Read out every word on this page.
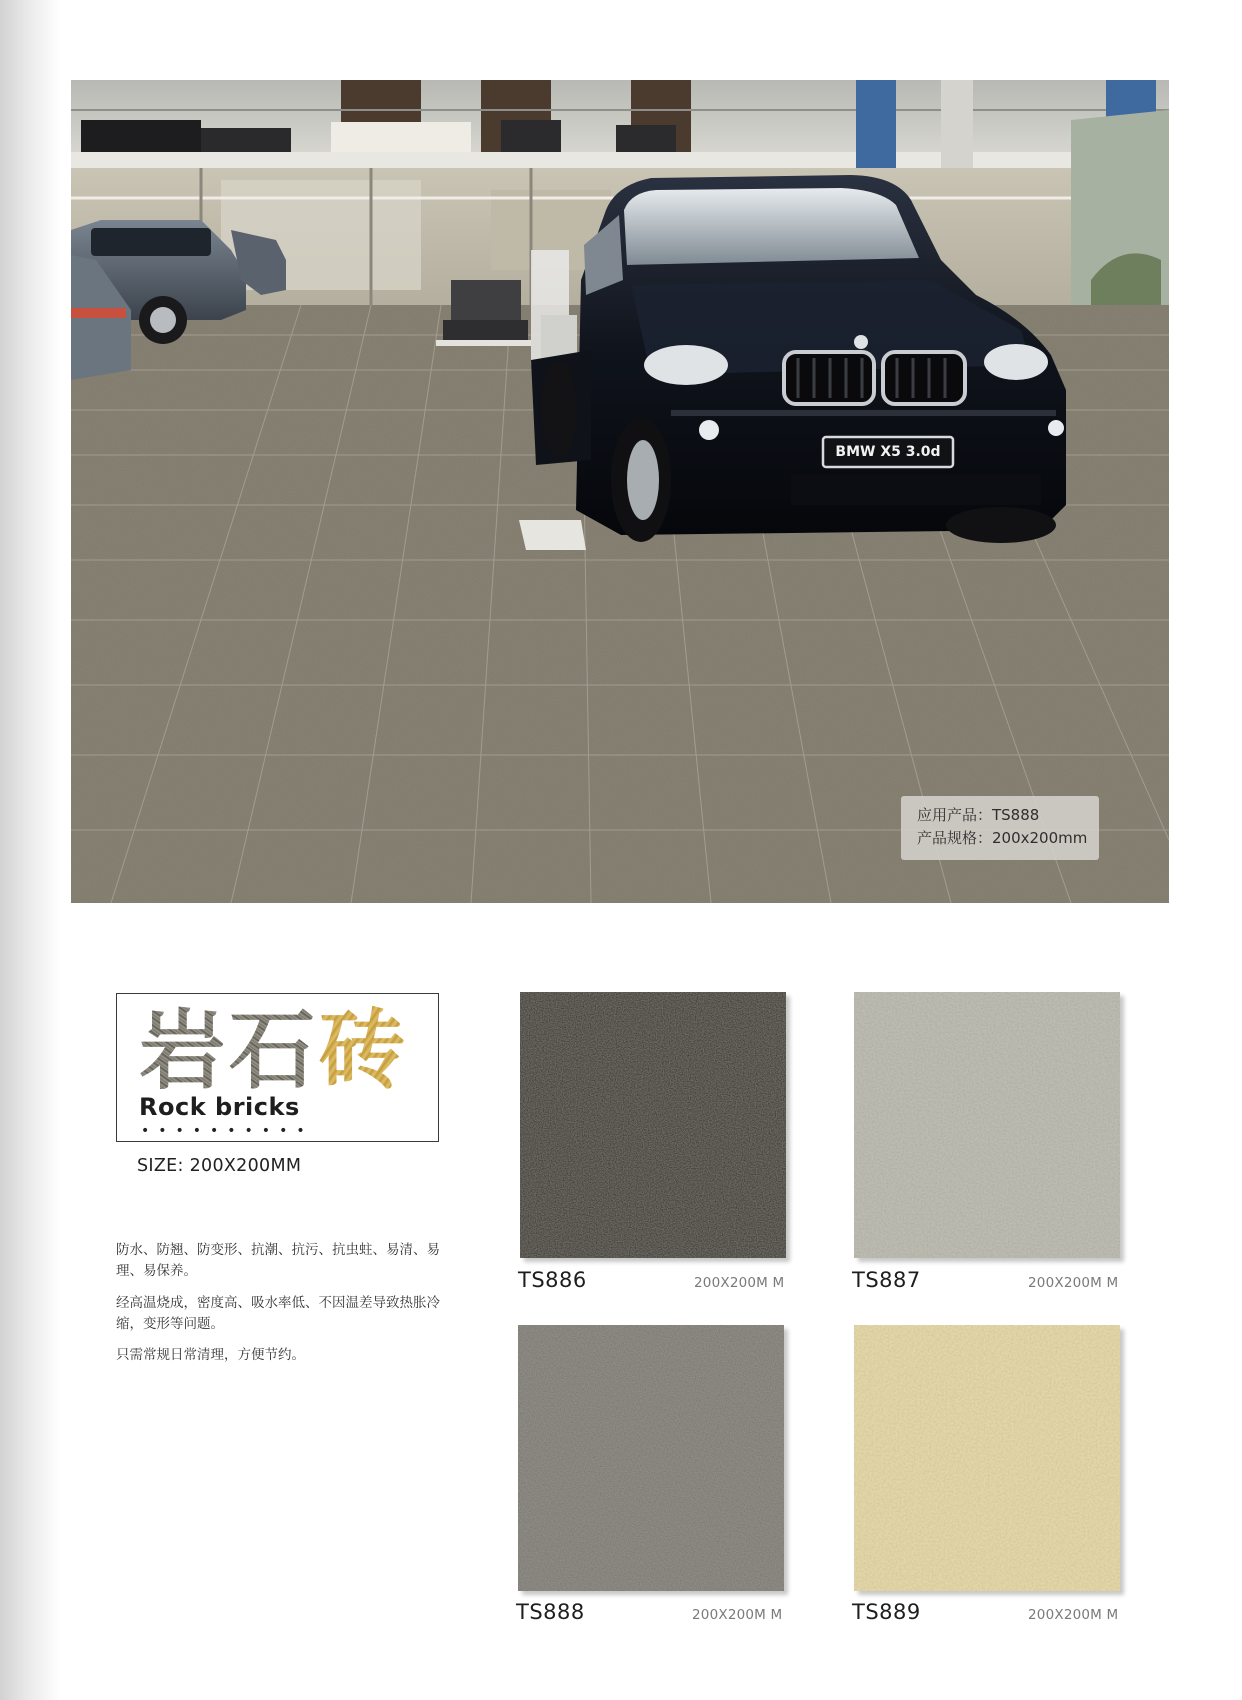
BMW X5 3.0d
应用产品：TS888
产品规格：200x200mm
岩石砖
Rock bricks
••••••••••
SIZE: 200X200MM
防水、防翘、防变形、抗潮、抗污、抗虫蛀、易清、易理、易保养。
经高温烧成，密度高、吸水率低、不因温差导致热胀冷缩，变形等问题。
只需常规日常清理，方便节约。
TS886	200X200M M	TS887	200X200M M
TS888	200X200M M	TS889	200X200M M
